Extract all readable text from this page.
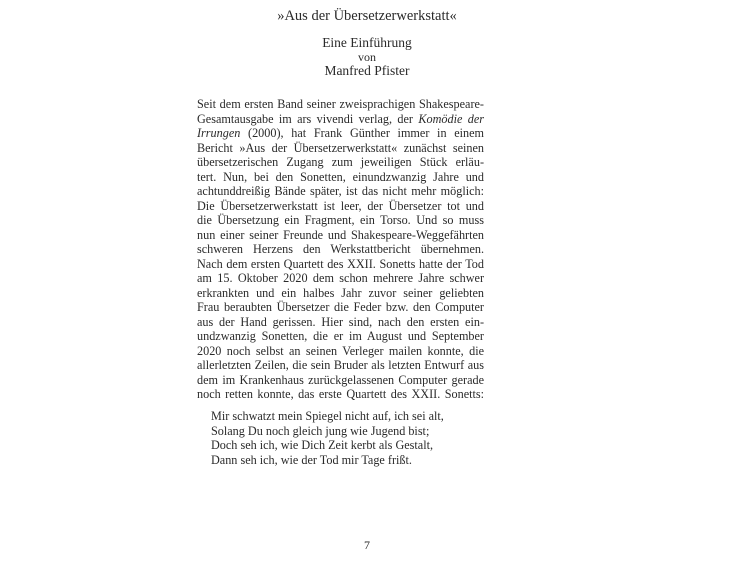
»Aus der Übersetzerwerkstatt«
Eine Einführung
von
Manfred Pfister
Seit dem ersten Band seiner zweisprachigen Shakespeare-
Gesamtausgabe im ars vivendi verlag, der Komödie der
Irrungen (2000), hat Frank Günther immer in einem
Bericht »Aus der Übersetzerwerkstatt« zunächst seinen
übersetzerischen Zugang zum jeweiligen Stück erläu-
tert. Nun, bei den Sonetten, einundzwanzig Jahre und
achtunddreißig Bände später, ist das nicht mehr möglich:
Die Übersetzerwerkstatt ist leer, der Übersetzer tot und
die Übersetzung ein Fragment, ein Torso. Und so muss
nun einer seiner Freunde und Shakespeare-Weggefährten
schweren Herzens den Werkstattbericht übernehmen.
Nach dem ersten Quartett des XXII. Sonetts hatte der Tod
am 15. Oktober 2020 dem schon mehrere Jahre schwer
erkrankten und ein halbes Jahr zuvor seiner geliebten
Frau beraubten Übersetzer die Feder bzw. den Computer
aus der Hand gerissen. Hier sind, nach den ersten ein-
undzwanzig Sonetten, die er im August und September
2020 noch selbst an seinen Verleger mailen konnte, die
allerletzten Zeilen, die sein Bruder als letzten Entwurf aus
dem im Krankenhaus zurückgelassenen Computer gerade
noch retten konnte, das erste Quartett des XXII. Sonetts:
Mir schwatzt mein Spiegel nicht auf, ich sei alt,
Solang Du noch gleich jung wie Jugend bist;
Doch seh ich, wie Dich Zeit kerbt als Gestalt,
Dann seh ich, wie der Tod mir Tage frißt.
7
